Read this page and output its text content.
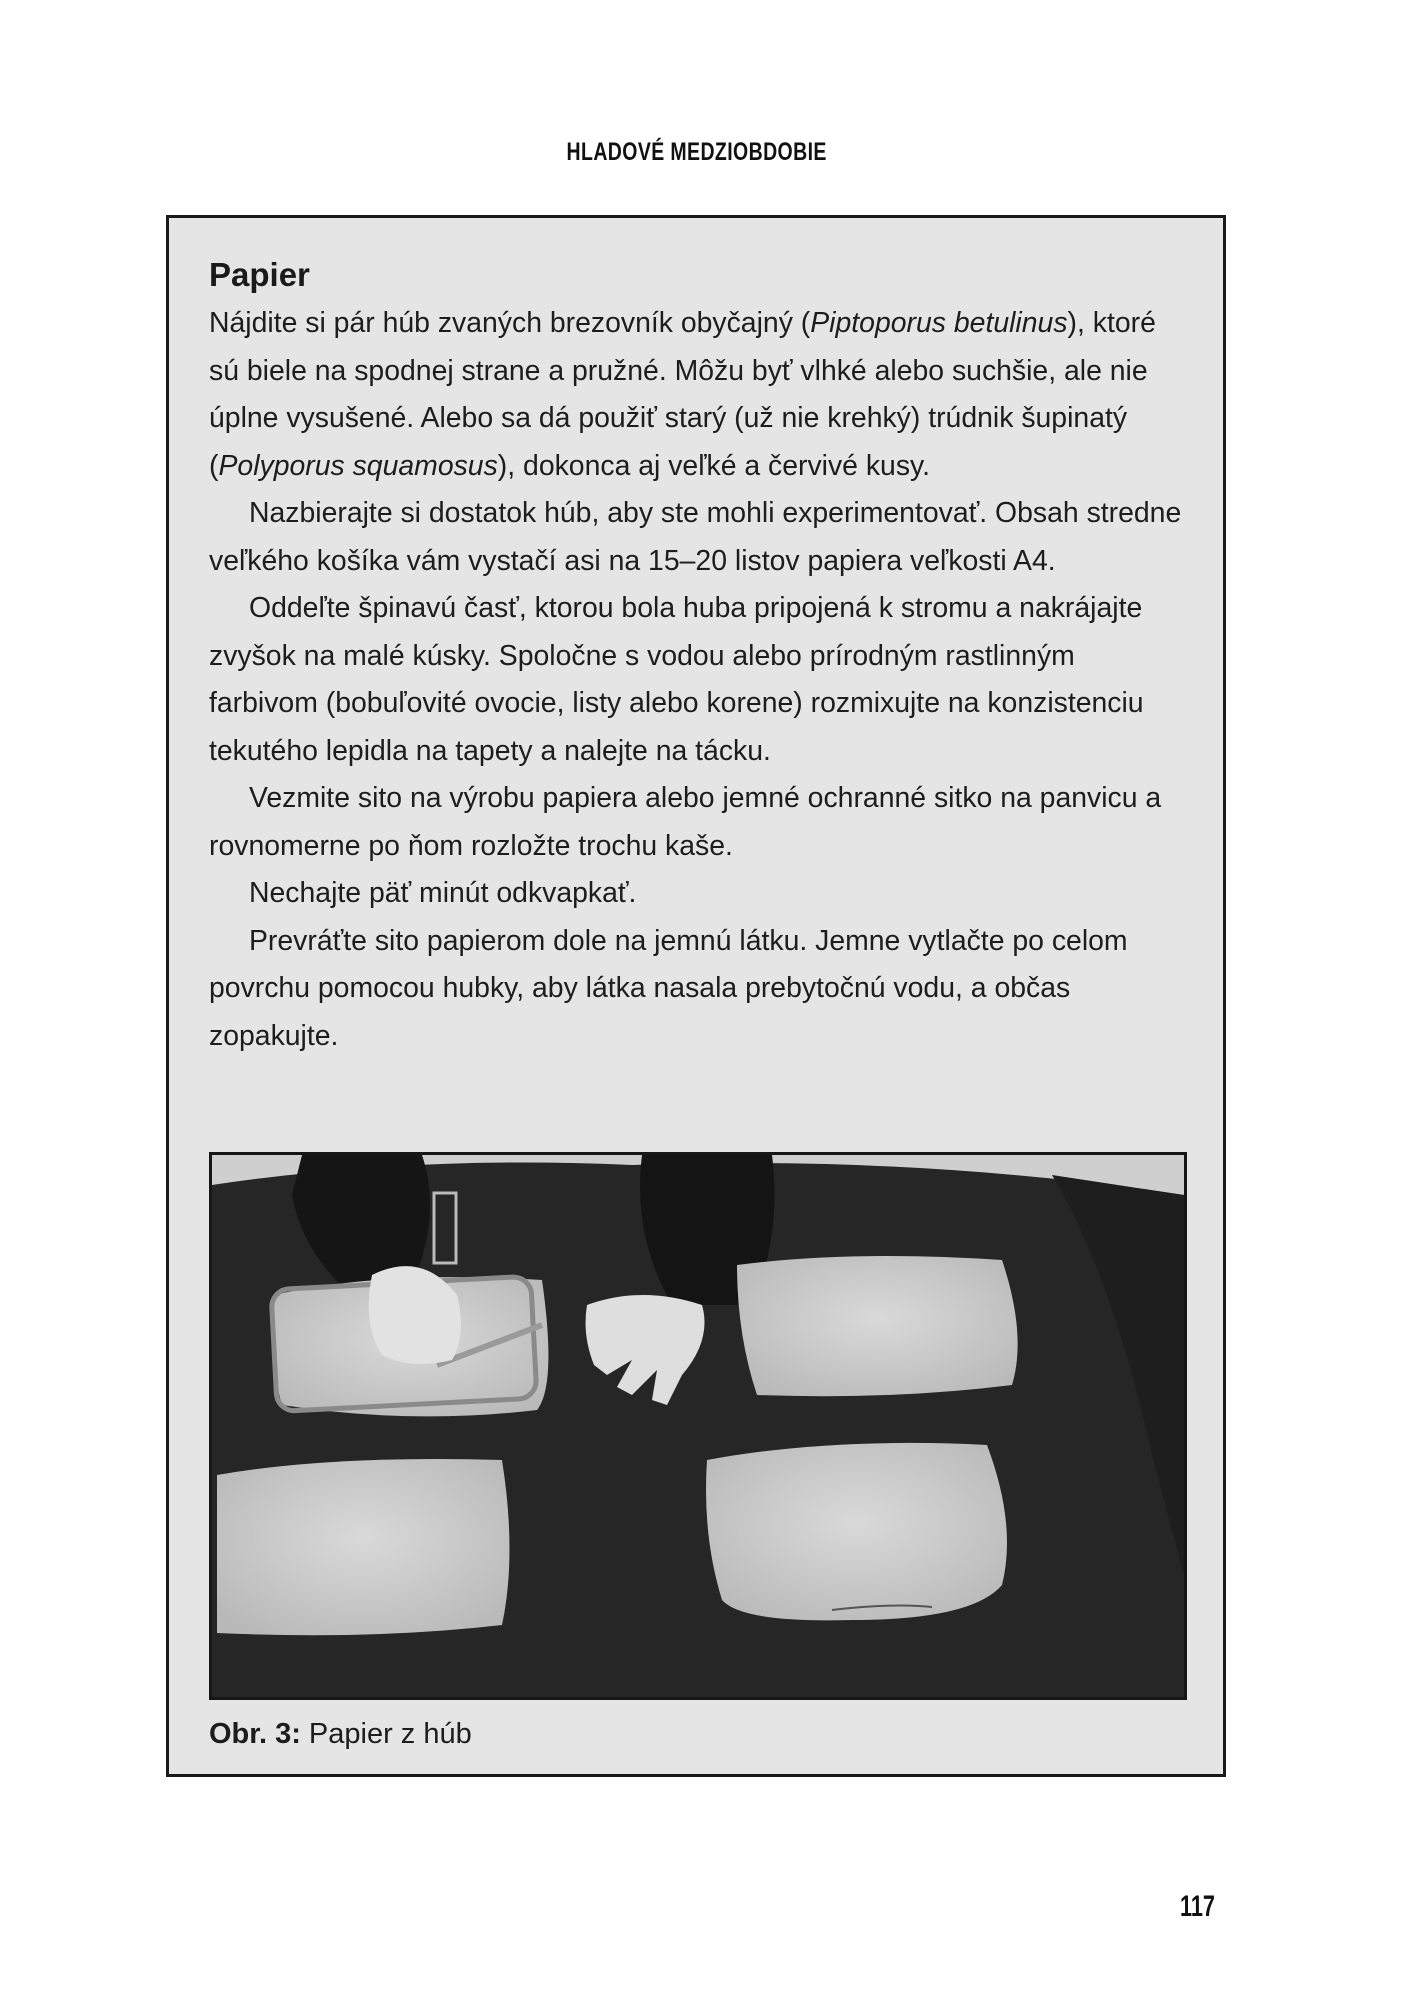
HLADOVÉ MEDZIOBDOBIE
Papier

Nájdite si pár húb zvaných brezovník obyčajný (Piptoporus betulinus), ktoré sú biele na spodnej strane a pružné. Môžu byť vlhké alebo suchšie, ale nie úplne vysušené. Alebo sa dá použiť starý (už nie krehký) trúdnik šupinatý (Polyporus squamosus), dokonca aj veľké a červivé kusy.

Nazbierajte si dostatok húb, aby ste mohli experimentovať. Obsah stredne veľkého košíka vám vystačí asi na 15–20 listov papiera veľkosti A4.

Oddeľte špinavú časť, ktorou bola huba pripojená k stromu a nakrájajte zvyšok na malé kúsky. Spoločne s vodou alebo prírodným rastlinným farbivom (bobuľovité ovocie, listy alebo korene) rozmixujte na konzistenciu tekutého lepidla na tapety a nalejte na tácku.

Vezmite sito na výrobu papiera alebo jemné ochranné sitko na panvicu a rovnomerne po ňom rozložte trochu kaše.

Nechajte päť minút odkvapkať.

Prevráťte sito papierom dole na jemnú látku. Jemne vytlačte po celom povrchu pomocou hubky, aby látka nasala prebytočnú vodu, a občas zopakujte.

Obr. 3: Papier z húb
117
